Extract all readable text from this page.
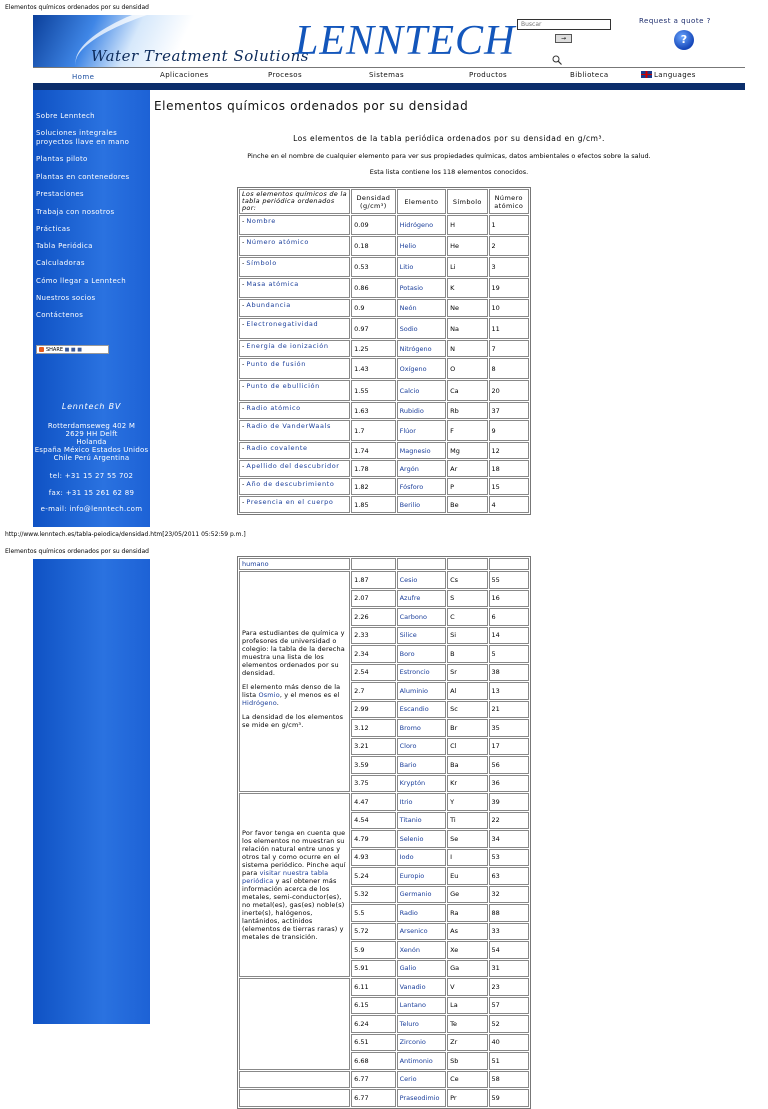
Elementos químicos ordenados por su densidad
Water Treatment Solutions
LENNTECH
Buscar	→
Request a quote ?
?
Home	Aplicaciones	Procesos	Sistemas	Productos	Biblioteca	Languages
Sobre Lenntech
Soluciones integrales proyectos llave en mano
Plantas piloto
Plantas en contenedores
Prestaciones
Trabaja con nosotros
Prácticas
Tabla Periódica
Calculadoras
Cómo llegar a Lenntech
Nuestros socios
Contáctenos
SHARE ■ ■ ■
Lenntech BV
Rotterdamseweg 402 M
2629 HH Delft
Holanda
España México Estados Unidos
Chile Perú Argentina
tel: +31 15 27 55 702
fax: +31 15 261 62 89
e-mail: info@lenntech.com
Elementos químicos ordenados por su densidad
Los elementos de la tabla periódica ordenados por su densidad en g/cm³.
Pinche en el nombre de cualquier elemento para ver sus propiedades químicas, datos ambientales o efectos sobre la salud.
Esta lista contiene los 118 elementos conocidos.
Los elementos químicos de la tabla periódica ordenados por:	Densidad (g/cm³)	Elemento	Símbolo	Número atómico
- Nombre	0.09	Hidrógeno	H	1
- Número atómico	0.18	Helio	He	2
- Símbolo	0.53	Litio	Li	3
- Masa atómica	0.86	Potasio	K	19
- Abundancia	0.9	Neón	Ne	10
- Electronegatividad	0.97	Sodio	Na	11
- Energía de ionización	1.25	Nitrógeno	N	7
- Punto de fusión	1.43	Oxígeno	O	8
- Punto de ebullición	1.55	Calcio	Ca	20
- Radio atómico	1.63	Rubidio	Rb	37
- Radio de VanderWaals	1.7	Flúor	F	9
- Radio covalente	1.74	Magnesio	Mg	12
- Apellido del descubridor	1.78	Argón	Ar	18
- Año de descubrimiento	1.82	Fósforo	P	15
- Presencia en el cuerpo	1.85	Berilio	Be	4
http://www.lenntech.es/tabla-peiodica/densidad.htm[23/05/2011 05:52:59 p.m.]
Elementos químicos ordenados por su densidad
humano				

Para estudiantes de química y profesores de universidad o colegio: la tabla de la derecha muestra una lista de los elementos ordenados por su densidad.

El elemento más denso de la lista Osmio, y el menos es el Hidrógeno.

La densidad de los elementos se mide en g/cm³.	1.87	Cesio	Cs	55
	2.07	Azufre	S	16
	2.26	Carbono	C	6
	2.33	Silice	Si	14
	2.34	Boro	B	5
	2.54	Estroncio	Sr	38
	2.7	Aluminio	Al	13
	2.99	Escandio	Sc	21
	3.12	Bromo	Br	35
	3.21	Cloro	Cl	17
	3.59	Bario	Ba	56
	3.75	Kryptón	Kr	36
Por favor tenga en cuenta que los elementos no muestran su relación natural entre unos y otros tal y como ocurre en el sistema periódico. Pinche aquí para visitar nuestra tabla periódica y así obtener más información acerca de los metales, semi-conductor(es), no metal(es), gas(es) noble(s) inerte(s), halógenos, lantánidos, actínidos (elementos de tierras raras) y metales de transición.	4.47	Itrio	Y	39
	4.54	Titanio	Ti	22
	4.79	Selenio	Se	34
	4.93	Iodo	I	53
	5.24	Europio	Eu	63
	5.32	Germanio	Ge	32
	5.5	Radio	Ra	88
	5.72	Arsenico	As	33
	5.9	Xenón	Xe	54
	5.91	Galio	Ga	31
	6.11	Vanadio	V	23
	6.15	Lantano	La	57
	6.24	Teluro	Te	52
	6.51	Zirconio	Zr	40
	6.68	Antimonio	Sb	51
	6.77	Cerio	Ce	58
	6.77	Praseodimio	Pr	59
